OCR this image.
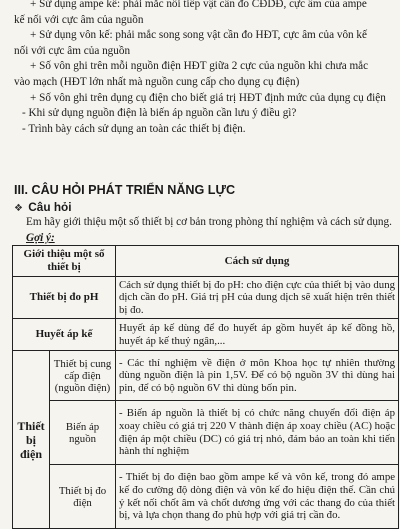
+ Sử dụng ampe kế: phải mắc nối tiếp vật cần đo CĐDĐ, cực âm của ampe
kế nối với cực âm của nguồn
+ Sử dụng vôn kế: phải mắc song song vật cần đo HĐT, cực âm của vôn kế
nối với cực âm của nguồn
+ Số vôn ghi trên mỗi nguồn điện HĐT giữa 2 cực của nguồn khi chưa mắc
vào mạch (HĐT lớn nhất mà nguồn cung cấp cho dụng cụ điện)
+ Số vôn ghi trên dụng cụ điện cho biết giá trị HĐT định mức của dụng cụ điện
- Khi sử dụng nguồn điện là biến áp nguồn cần lưu ý điều gì?
- Trình bày cách sử dụng an toàn các thiết bị điện.
III. CÂU HỎI PHÁT TRIỂN NĂNG LỰC
❖ Câu hỏi
Em hãy giới thiệu một số thiết bị cơ bản trong phòng thí nghiệm và cách sử dụng.
Gợi ý:
Giới thiệu một số thiết bị		Cách sử dụng
Thiết bị đo pH		Cách sử dụng thiết bị đo pH: cho điện cực của thiết bị vào dung dịch cần đo pH. Giá trị pH của dung dịch sẽ xuất hiện trên thiết bị đo.
Huyết áp kế		Huyết áp kế dùng để đo huyết áp gồm huyết áp kế đồng hồ, huyết áp kế thuỷ ngân,...
Thiết bị điện	Thiết bị cung cấp điện (nguồn điện)	- Các thí nghiệm về điện ở môn Khoa học tự nhiên thường dùng nguồn điện là pin 1,5V. Để có bộ nguồn 3V thì dùng hai pin, để có bộ nguồn 6V thì dùng bốn pin.
	Biến áp nguồn	- Biến áp nguồn là thiết bị có chức năng chuyển đổi điện áp xoay chiều có giá trị 220 V thành điện áp xoay chiều (AC) hoặc điện áp một chiều (DC) có giá trị nhỏ, đảm bảo an toàn khi tiến hành thí nghiệm
	Thiết bị đo điện	- Thiết bị đo điện bao gồm ampe kế và vôn kế, trong đó ampe kế đo cường độ dòng điện và vôn kế đo hiệu điện thế. Cần chú ý kết nối chốt âm và chốt dương ứng với các thang đo của thiết bị, và lựa chọn thang đo phù hợp với giá trị cần đo.
